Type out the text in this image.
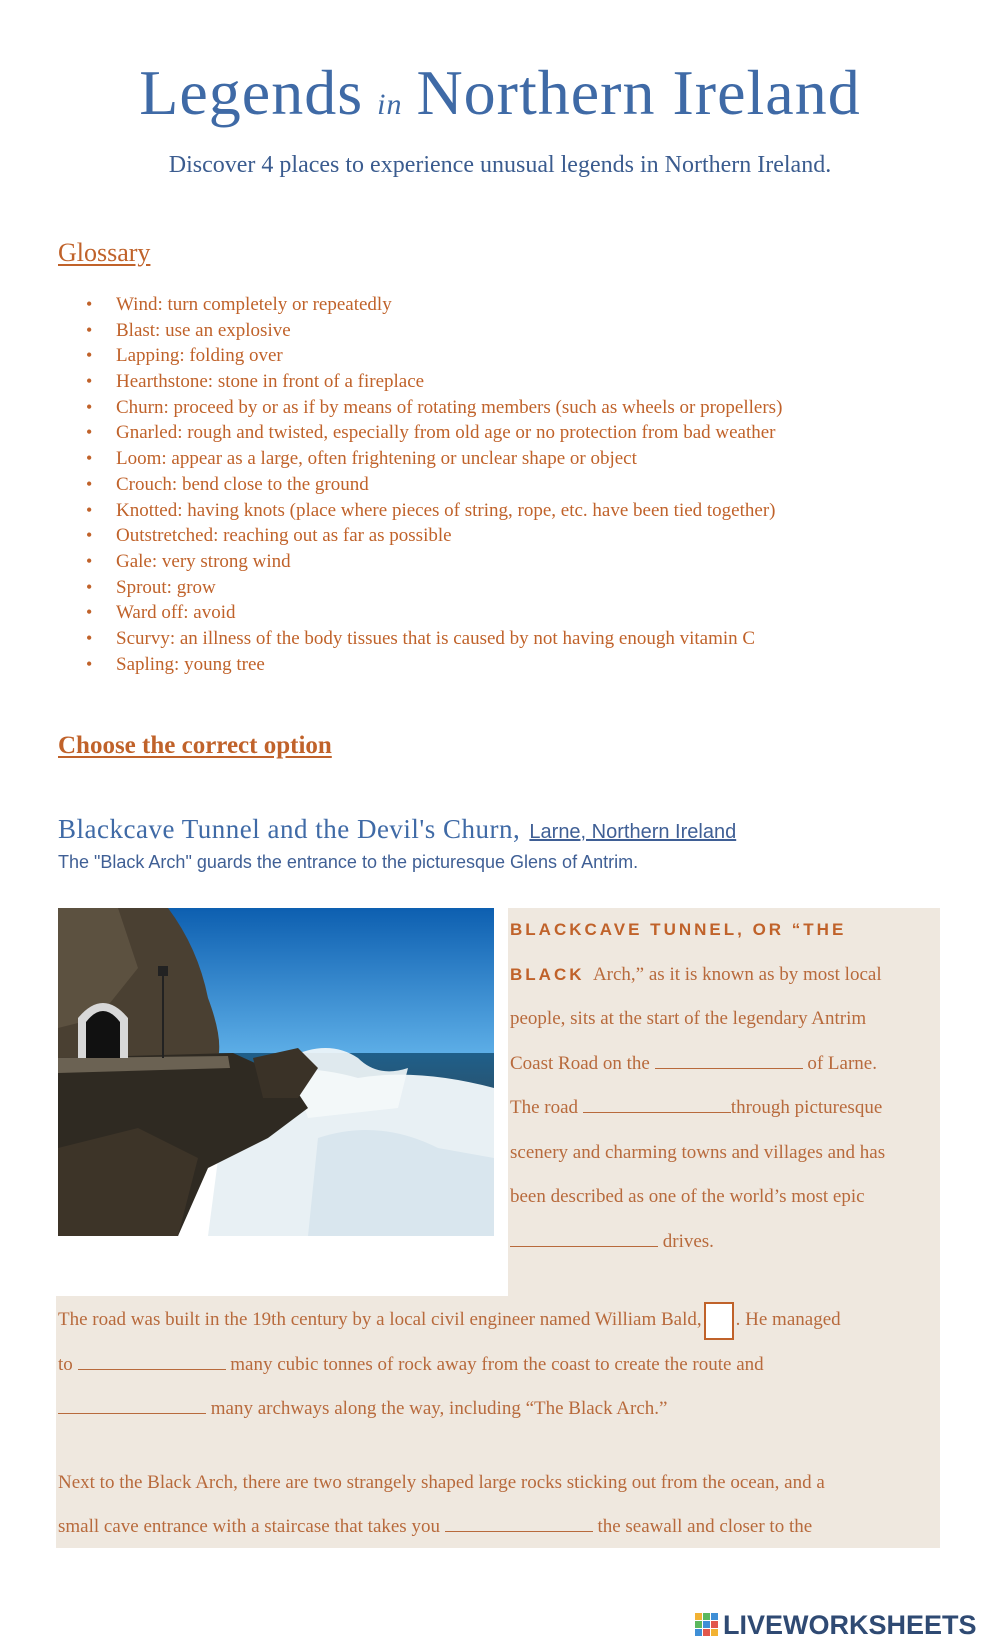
Legends in Northern Ireland
Discover 4 places to experience unusual legends in Northern Ireland.
Glossary
• Wind: turn completely or repeatedly
• Blast: use an explosive
• Lapping: folding over
• Hearthstone: stone in front of a fireplace
• Churn: proceed by or as if by means of rotating members (such as wheels or propellers)
• Gnarled: rough and twisted, especially from old age or no protection from bad weather
• Loom: appear as a large, often frightening or unclear shape or object
• Crouch: bend close to the ground
• Knotted: having knots (place where pieces of string, rope, etc. have been tied together)
• Outstretched: reaching out as far as possible
• Gale: very strong wind
• Sprout: grow
• Ward off: avoid
• Scurvy: an illness of the body tissues that is caused by not having enough vitamin C
• Sapling: young tree
Choose the correct option
Blackcave Tunnel and the Devil's Churn, Larne, Northern Ireland
The "Black Arch" guards the entrance to the picturesque Glens of Antrim.
BLACKCAVE TUNNEL, OR “THE
BLACK Arch,” as it is known as by most local
people, sits at the start of the legendary Antrim
Coast Road on the	of Larne.
The road	through picturesque
scenery and charming towns and villages and has
been described as one of the world’s most epic
drives.
The road was built in the 19th century by a local civil engineer named William Bald, . He managed
to	many cubic tonnes of rock away from the coast to create the route and
many archways along the way, including “The Black Arch.”
Next to the Black Arch, there are two strangely shaped large rocks sticking out from the ocean, and a
small cave entrance with a staircase that takes you	the seawall and closer to the
LIVEWORKSHEETS
